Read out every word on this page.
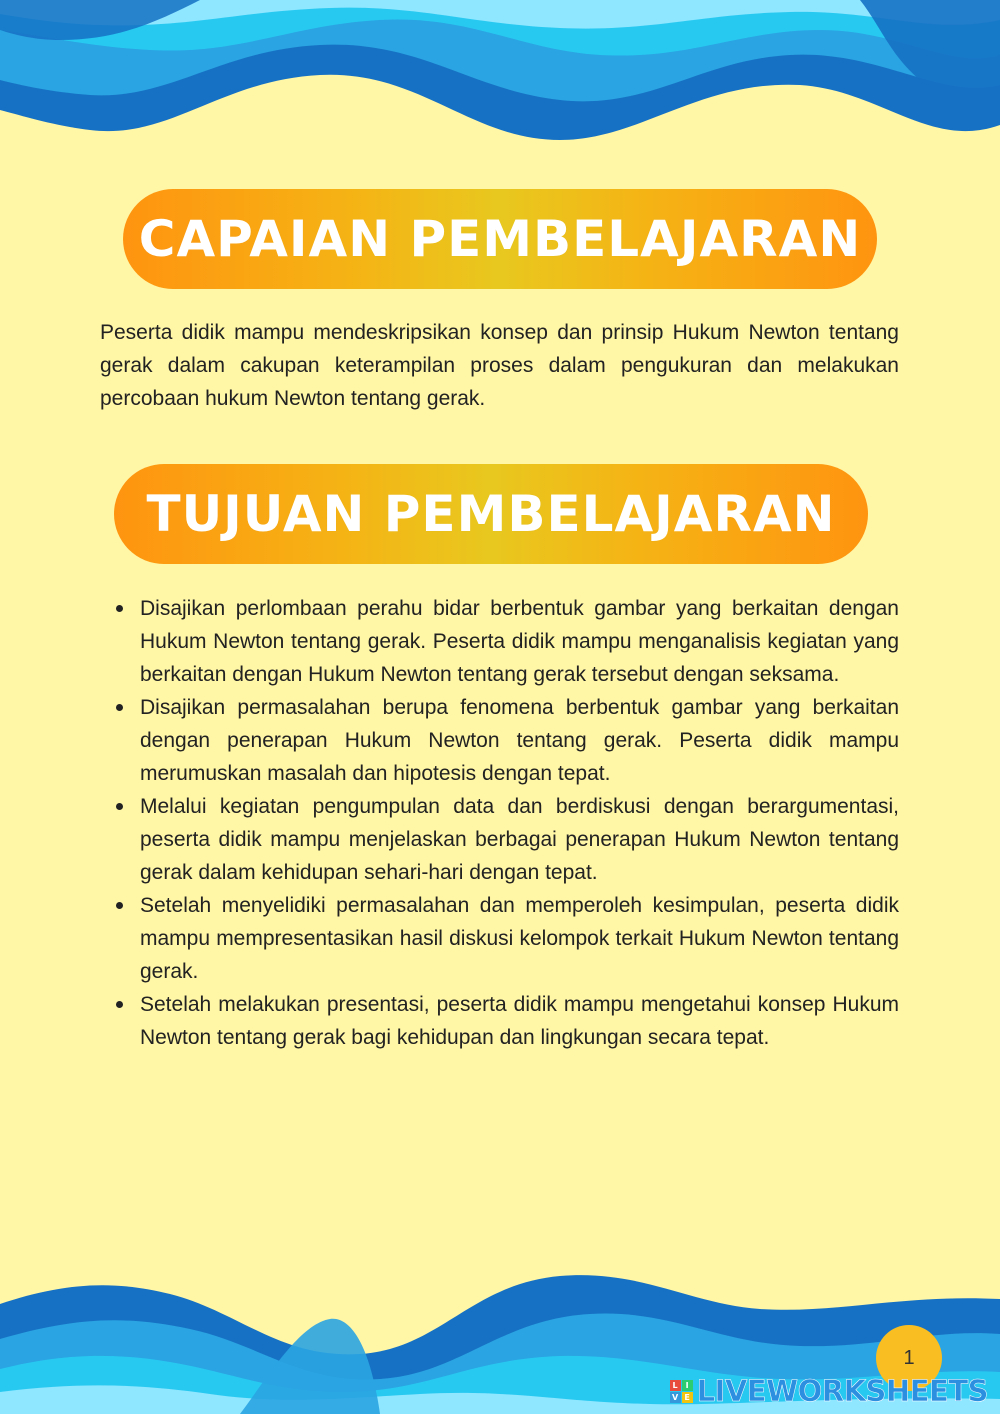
CAPAIAN PEMBELAJARAN

Peserta didik mampu mendeskripsikan konsep dan prinsip Hukum Newton tentang gerak dalam cakupan keterampilan proses dalam pengukuran dan melakukan percobaan hukum Newton tentang gerak.

TUJUAN PEMBELAJARAN
Disajikan perlombaan perahu bidar berbentuk gambar yang berkaitan dengan Hukum Newton tentang gerak. Peserta didik mampu menganalisis kegiatan yang berkaitan dengan Hukum Newton tentang gerak tersebut dengan seksama.
Disajikan permasalahan berupa fenomena berbentuk gambar yang berkaitan dengan penerapan Hukum Newton tentang gerak. Peserta didik mampu merumuskan masalah dan hipotesis dengan tepat.
Melalui kegiatan pengumpulan data dan berdiskusi dengan berargumentasi, peserta didik mampu menjelaskan berbagai penerapan Hukum Newton tentang gerak dalam kehidupan sehari-hari dengan tepat.
Setelah menyelidiki permasalahan dan memperoleh kesimpulan, peserta didik mampu mempresentasikan hasil diskusi kelompok terkait Hukum Newton tentang gerak.
Setelah melakukan presentasi, peserta didik mampu mengetahui konsep Hukum Newton tentang gerak bagi kehidupan dan lingkungan secara tepat.
1
L I
V E LIVEWORKSHEETS
